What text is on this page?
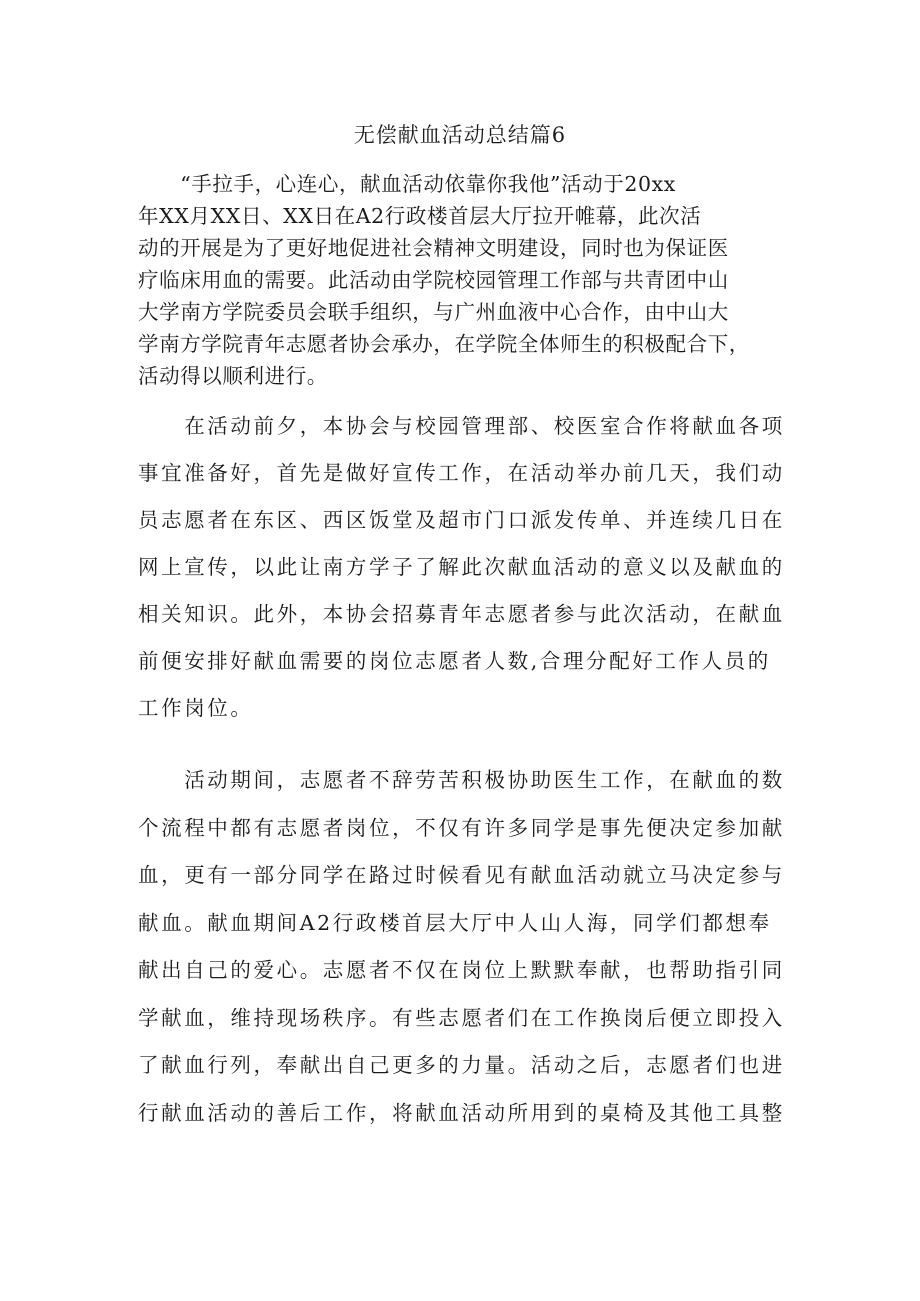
无偿献血活动总结篇6

　　“手拉手，心连心，献血活动依靠你我他”活动于20xx
年XX月XX日、XX日在A2行政楼首层大厅拉开帷幕，此次活
动的开展是为了更好地促进社会精神文明建设，同时也为保证医
疗临床用血的需要。此活动由学院校园管理工作部与共青团中山
大学南方学院委员会联手组织，与广州血液中心合作，由中山大
学南方学院青年志愿者协会承办，在学院全体师生的积极配合下，
活动得以顺利进行。

　　在活动前夕，本协会与校园管理部、校医室合作将献血各项
事宜准备好，首先是做好宣传工作，在活动举办前几天，我们动
员志愿者在东区、西区饭堂及超市门口派发传单、并连续几日在
网上宣传，以此让南方学子了解此次献血活动的意义以及献血的
相关知识。此外，本协会招募青年志愿者参与此次活动，在献血
前便安排好献血需要的岗位志愿者人数,合理分配好工作人员的
工作岗位。

　　活动期间，志愿者不辞劳苦积极协助医生工作，在献血的数
个流程中都有志愿者岗位，不仅有许多同学是事先便决定参加献
血，更有一部分同学在路过时候看见有献血活动就立马决定参与
献血。献血期间A2行政楼首层大厅中人山人海，同学们都想奉
献出自己的爱心。志愿者不仅在岗位上默默奉献，也帮助指引同
学献血，维持现场秩序。有些志愿者们在工作换岗后便立即投入
了献血行列，奉献出自己更多的力量。活动之后，志愿者们也进
行献血活动的善后工作，将献血活动所用到的桌椅及其他工具整
